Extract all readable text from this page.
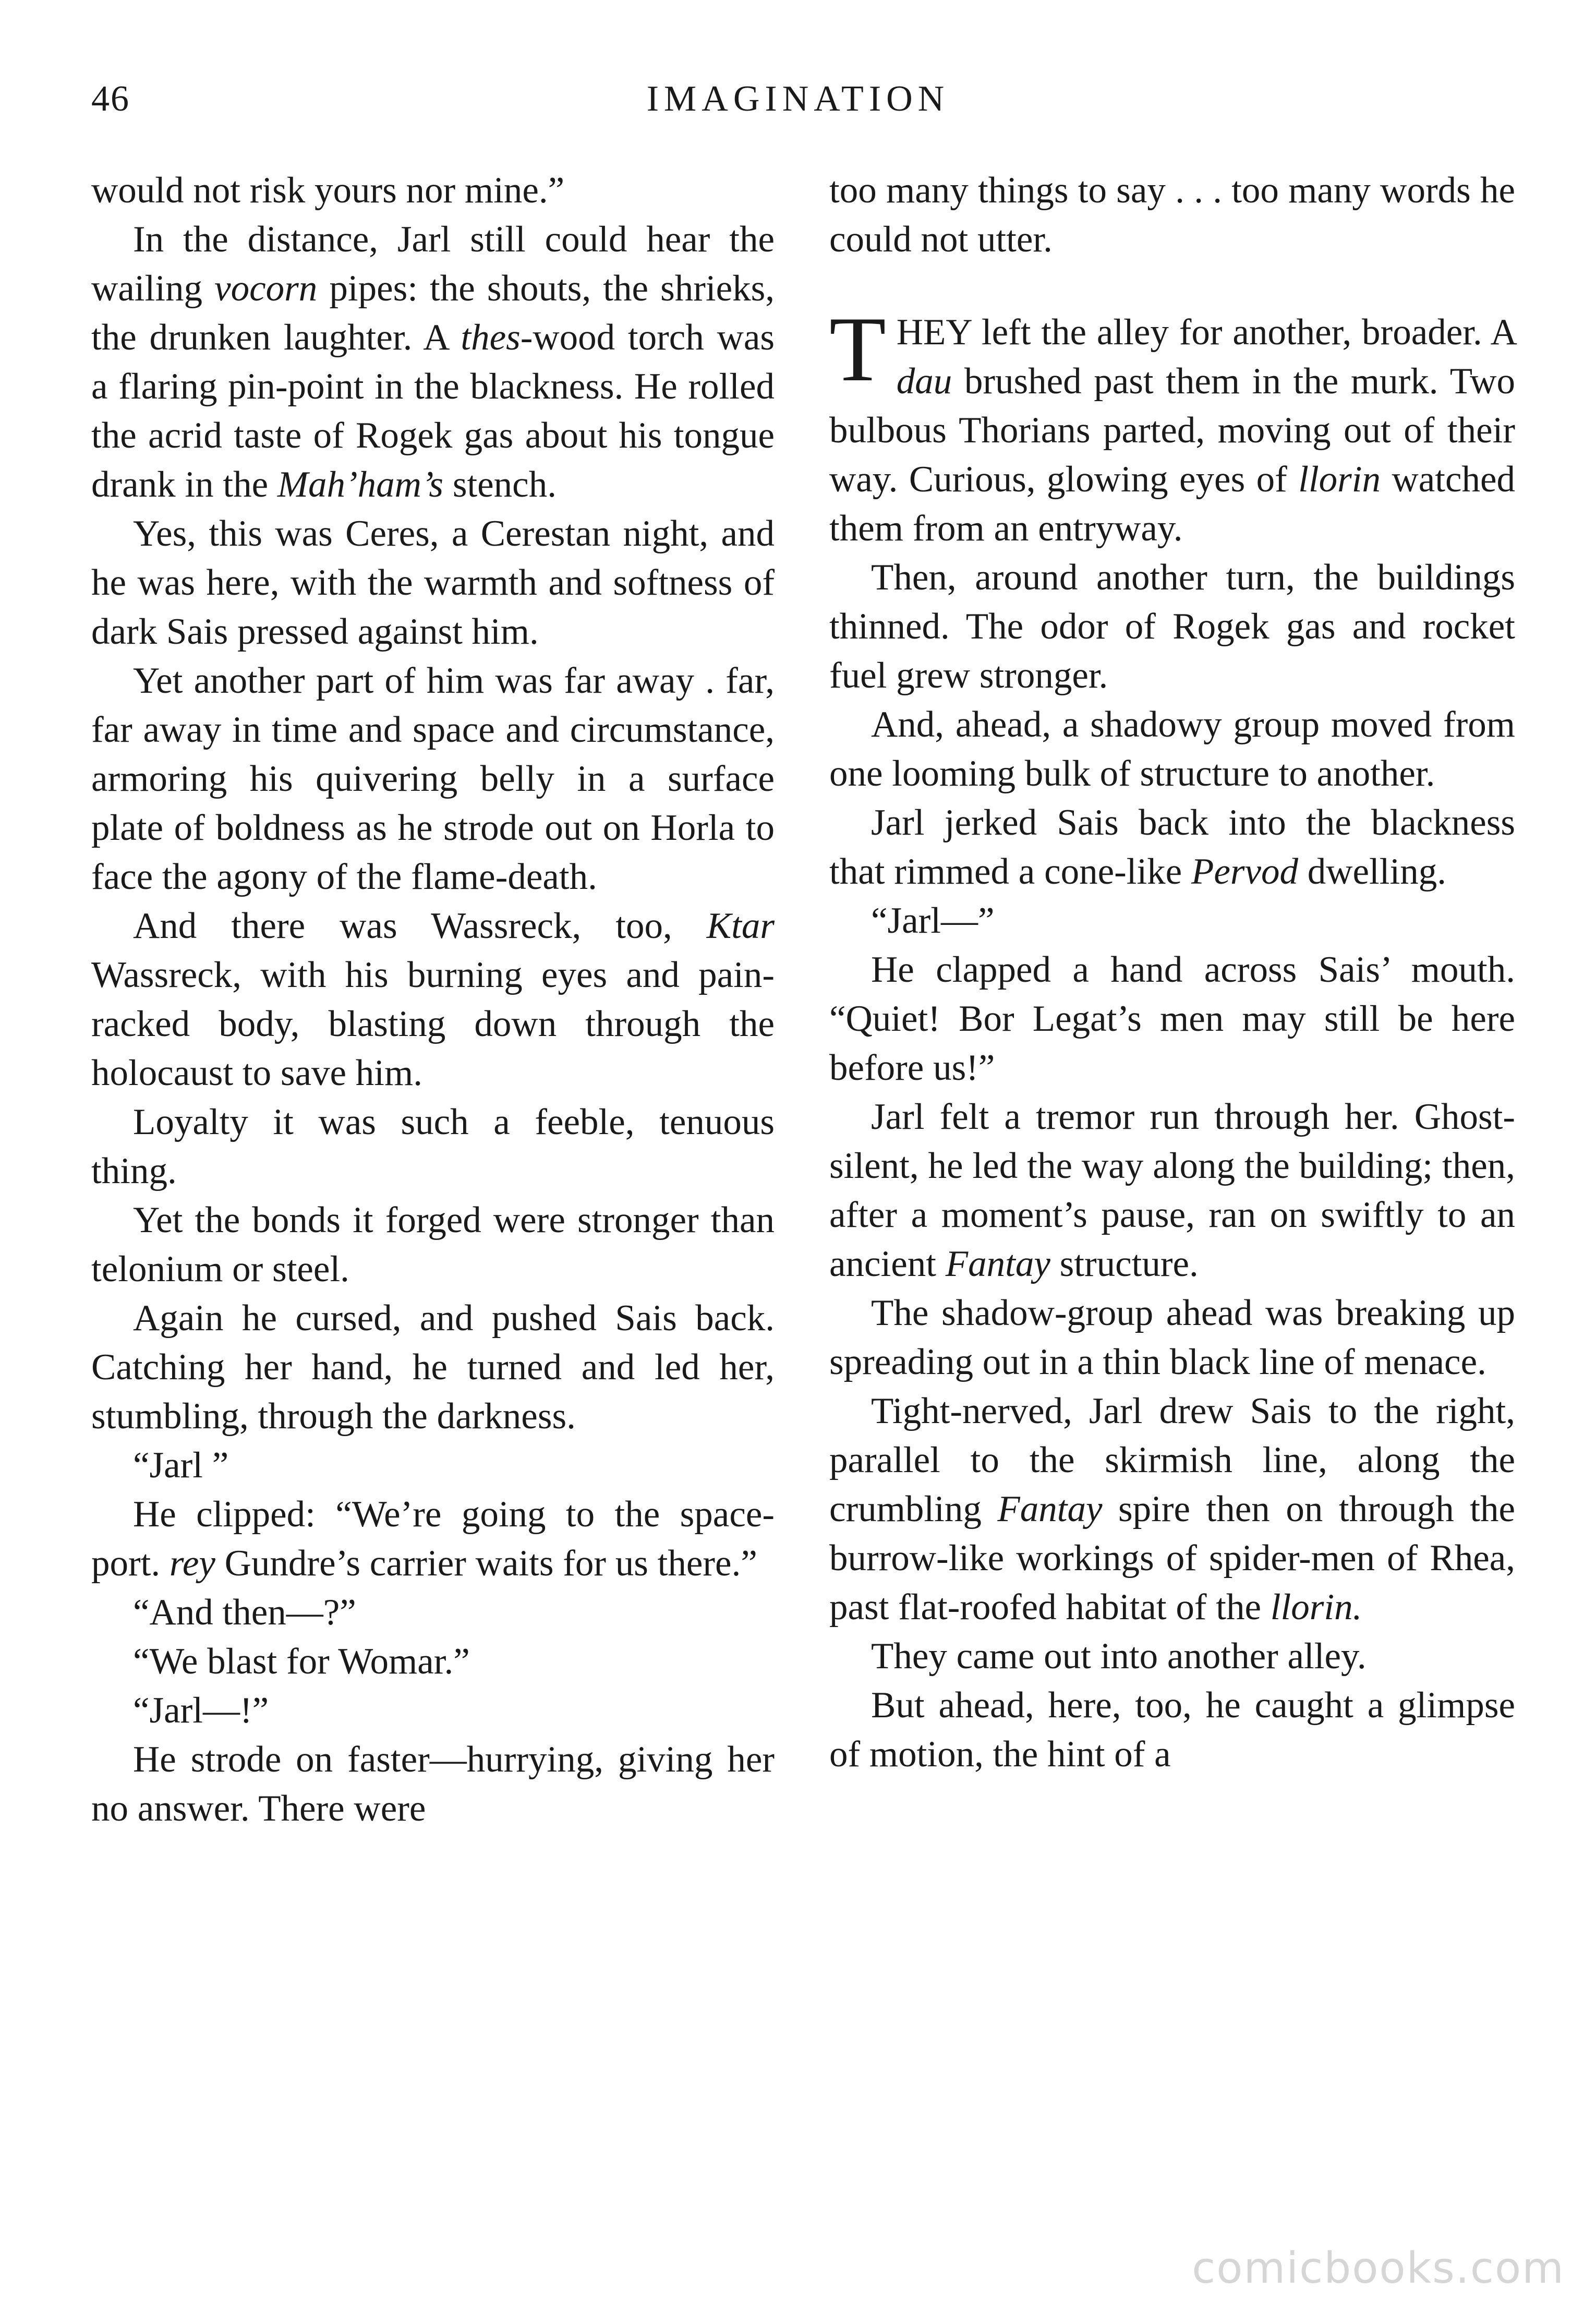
46	IMAGINATION

would not risk yours nor mine.”

In the distance, Jarl still could hear the wailing vocorn pipes: the shouts, the shrieks, the drunken laughter. A thes-wood torch was a flaring pin-point in the blackness. He rolled the acrid taste of Rogek gas about his tongue drank in the Mah’ham’s stench.

Yes, this was Ceres, a Cerestan night, and he was here, with the warmth and softness of dark Sais pressed against him.

Yet another part of him was far away . far, far away in time and space and circumstance, armoring his quivering belly in a surface plate of boldness as he strode out on Horla to face the agony of the flame-death.

And there was Wassreck, too, Ktar Wassreck, with his burning eyes and pain-racked body, blasting down through the holocaust to save him.

Loyalty it was such a feeble, tenuous thing.

Yet the bonds it forged were stronger than telonium or steel.

Again he cursed, and pushed Sais back. Catching her hand, he turned and led her, stumbling, through the darkness.

“Jarl ”

He clipped: “We’re going to the space-port. rey Gundre’s carrier waits for us there.”

“And then—?”

“We blast for Womar.”

“Jarl—!”

He strode on faster—hurrying, giving her no answer. There were

too many things to say . . . too many words he could not utter.

THEY left the alley for another, broader. A dau brushed past them in the murk. Two bulbous Thorians parted, moving out of their way. Curious, glowing eyes of llorin watched them from an entryway.

Then, around another turn, the buildings thinned. The odor of Rogek gas and rocket fuel grew stronger.

And, ahead, a shadowy group moved from one looming bulk of structure to another.

Jarl jerked Sais back into the blackness that rimmed a cone-like Pervod dwelling.

“Jarl—”

He clapped a hand across Sais’ mouth. “Quiet! Bor Legat’s men may still be here before us!”

Jarl felt a tremor run through her. Ghost-silent, he led the way along the building; then, after a moment’s pause, ran on swiftly to an ancient Fantay structure.

The shadow-group ahead was breaking up spreading out in a thin black line of menace.

Tight-nerved, Jarl drew Sais to the right, parallel to the skirmish line, along the crumbling Fantay spire then on through the burrow-like workings of spider-men of Rhea, past flat-roofed habitat of the llorin.

They came out into another alley.

But ahead, here, too, he caught a glimpse of motion, the hint of a

comicbooks.com
